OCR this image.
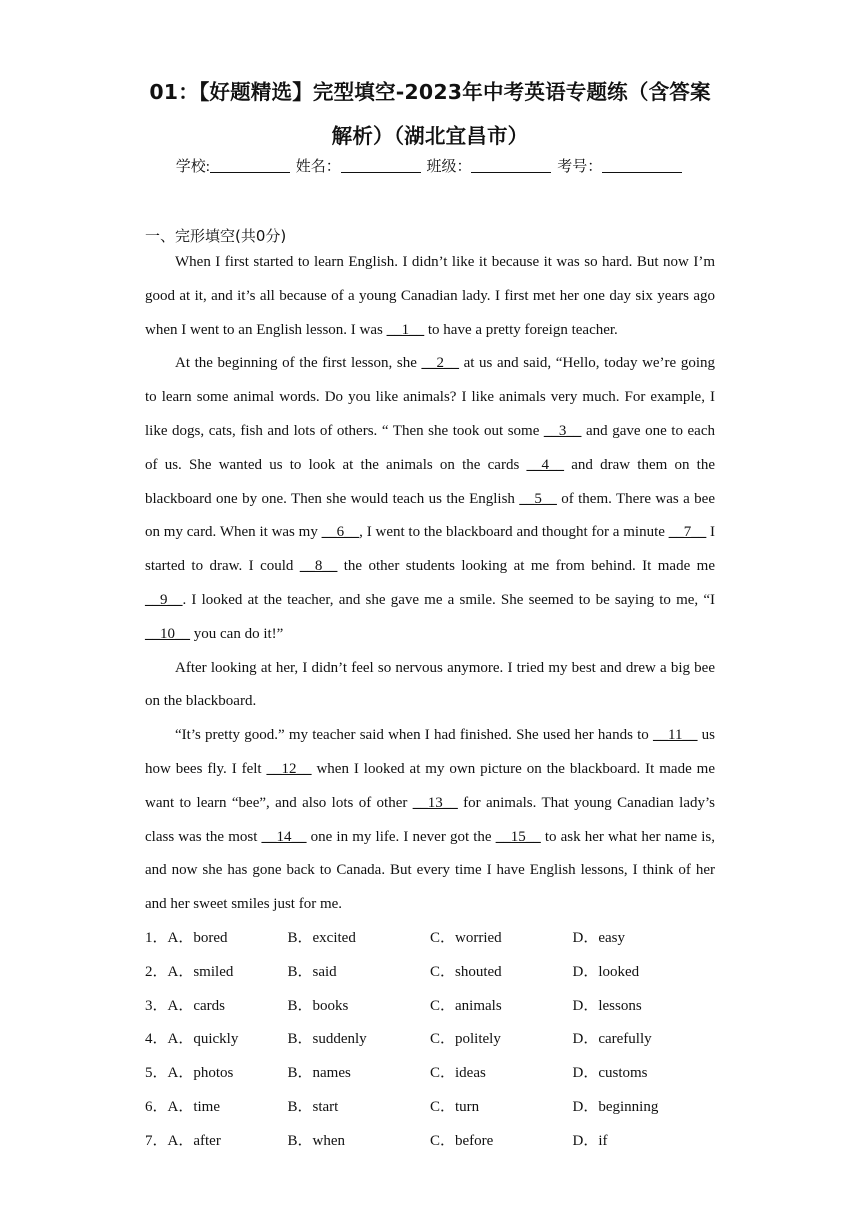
01：【好题精选】完型填空-2023年中考英语专题练（含答案
解析）（湖北宜昌市）
学校:	姓名：	班级：	考号：
一、完形填空(共0分)

When I first started to learn English. I didn’t like it because it was so hard. But now I’m good at it, and it’s all because of a young Canadian lady. I first met her one day six years ago when I went to an English lesson. I was __1__ to have a pretty foreign teacher.

At the beginning of the first lesson, she __2__ at us and said, “Hello, today we’re going to learn some animal words. Do you like animals? I like animals very much. For example, I like dogs, cats, fish and lots of others. “ Then she took out some __3__ and gave one to each of us. She wanted us to look at the animals on the cards __4__ and draw them on the blackboard one by one. Then she would teach us the English __5__ of them. There was a bee on my card. When it was my __6__, I went to the blackboard and thought for a minute __7__ I started to draw. I could __8__ the other students looking at me from behind. It made me __9__. I looked at the teacher, and she gave me a smile. She seemed to be saying to me, “I __10__ you can do it!”

After looking at her, I didn’t feel so nervous anymore. I tried my best and drew a big bee on the blackboard.

“It’s pretty good.” my teacher said when I had finished. She used her hands to __11__ us how bees fly. I felt __12__ when I looked at my own picture on the blackboard. It made me want to learn “bee”, and also lots of other __13__ for animals. That young Canadian lady’s class was the most __14__ one in my life. I never got the __15__ to ask her what her name is, and now she has gone back to Canada. But every time I have English lessons, I think of her and her sweet smiles just for me.

1．A．bored	B．excited	C．worried	D．easy
2．A．smiled	B．said	C．shouted	D．looked
3．A．cards	B．books	C．animals	D．lessons
4．A．quickly	B．suddenly	C．politely	D．carefully
5．A．photos	B．names	C．ideas	D．customs
6．A．time	B．start	C．turn	D．beginning
7．A．after	B．when	C．before	D．if
